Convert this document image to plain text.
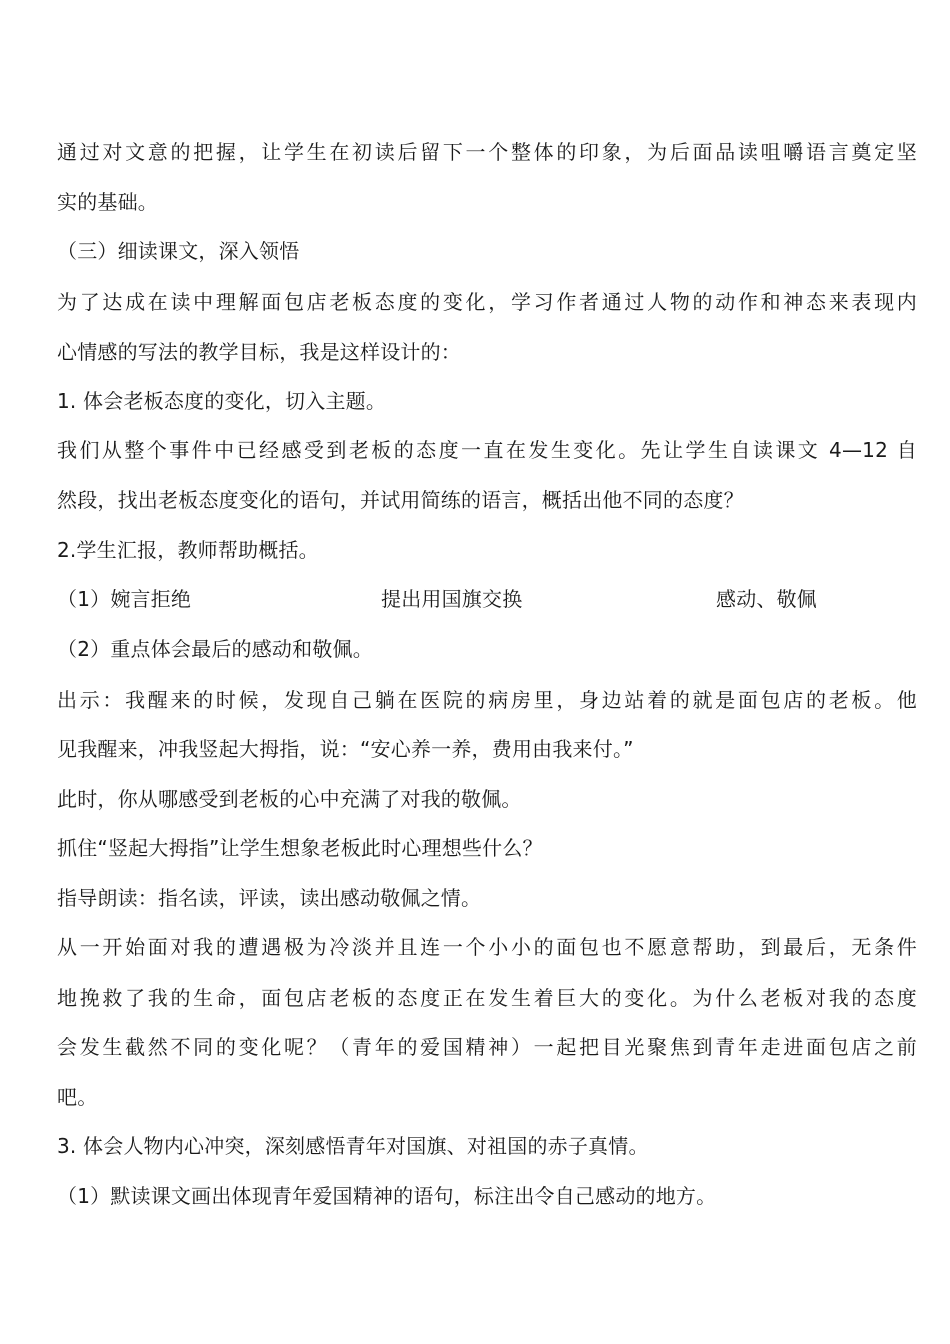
通过对文意的把握，让学生在初读后留下一个整体的印象，为后面品读咀嚼语言奠定坚
实的基础。
（三）细读课文，深入领悟
为了达成在读中理解面包店老板态度的变化，学习作者通过人物的动作和神态来表现内
心情感的写法的教学目标，我是这样设计的：
1. 体会老板态度的变化，切入主题。
我们从整个事件中已经感受到老板的态度一直在发生变化。先让学生自读课文 4—12 自
然段，找出老板态度变化的语句，并试用简练的语言，概括出他不同的态度？
2.学生汇报，教师帮助概括。
（1）婉言拒绝	提出用国旗交换	感动、敬佩
（2）重点体会最后的感动和敬佩。
出示：我醒来的时候，发现自己躺在医院的病房里，身边站着的就是面包店的老板。他
见我醒来，冲我竖起大拇指，说：“安心养一养，费用由我来付。”
此时，你从哪感受到老板的心中充满了对我的敬佩。
抓住“竖起大拇指”让学生想象老板此时心理想些什么？
指导朗读：指名读，评读，读出感动敬佩之情。
从一开始面对我的遭遇极为冷淡并且连一个小小的面包也不愿意帮助，到最后，无条件
地挽救了我的生命，面包店老板的态度正在发生着巨大的变化。为什么老板对我的态度
会发生截然不同的变化呢？（青年的爱国精神）一起把目光聚焦到青年走进面包店之前
吧。
3. 体会人物内心冲突，深刻感悟青年对国旗、对祖国的赤子真情。
（1）默读课文画出体现青年爱国精神的语句，标注出令自己感动的地方。
